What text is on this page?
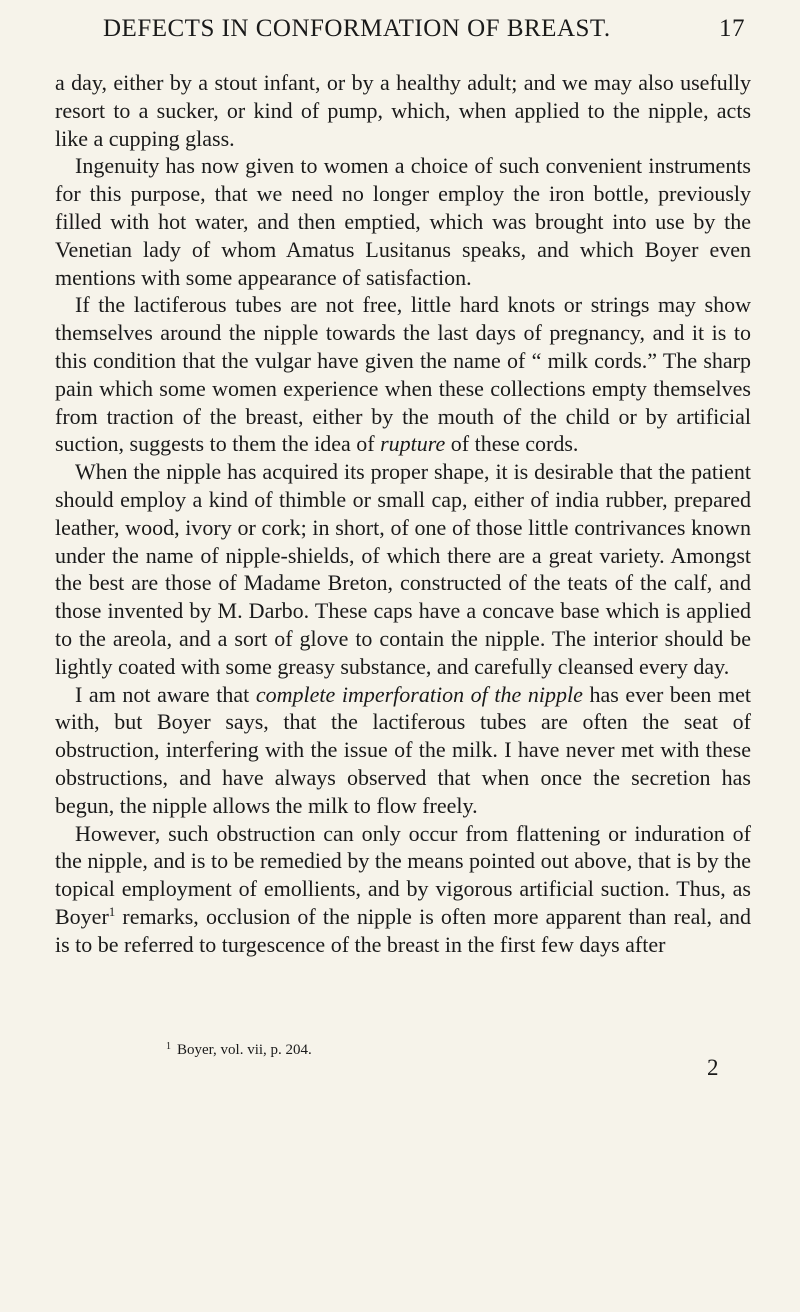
DEFECTS IN CONFORMATION OF BREAST.	17

a day, either by a stout infant, or by a healthy adult; and we may also usefully resort to a sucker, or kind of pump, which, when applied to the nipple, acts like a cupping glass.

Ingenuity has now given to women a choice of such convenient instruments for this purpose, that we need no longer employ the iron bottle, previously filled with hot water, and then emptied, which was brought into use by the Venetian lady of whom Amatus Lusitanus speaks, and which Boyer even mentions with some appearance of satisfaction.

If the lactiferous tubes are not free, little hard knots or strings may show themselves around the nipple towards the last days of pregnancy, and it is to this condition that the vulgar have given the name of “ milk cords.” The sharp pain which some women experience when these collections empty themselves from traction of the breast, either by the mouth of the child or by artificial suction, suggests to them the idea of rupture of these cords.

When the nipple has acquired its proper shape, it is desirable that the patient should employ a kind of thimble or small cap, either of india rubber, prepared leather, wood, ivory or cork; in short, of one of those little contrivances known under the name of nipple-shields, of which there are a great variety. Amongst the best are those of Madame Breton, constructed of the teats of the calf, and those invented by M. Darbo. These caps have a concave base which is applied to the areola, and a sort of glove to contain the nipple. The interior should be lightly coated with some greasy substance, and carefully cleansed every day.

I am not aware that complete imperforation of the nipple has ever been met with, but Boyer says, that the lactiferous tubes are often the seat of obstruction, interfering with the issue of the milk. I have never met with these obstructions, and have always observed that when once the secretion has begun, the nipple allows the milk to flow freely.

However, such obstruction can only occur from flattening or induration of the nipple, and is to be remedied by the means pointed out above, that is by the topical employment of emollients, and by vigorous artificial suction. Thus, as Boyer$^1$ remarks, occlusion of the nipple is often more apparent than real, and is to be referred to turgescence of the breast in the first few days after

$^1$ Boyer, vol. vii, p. 204.
2
